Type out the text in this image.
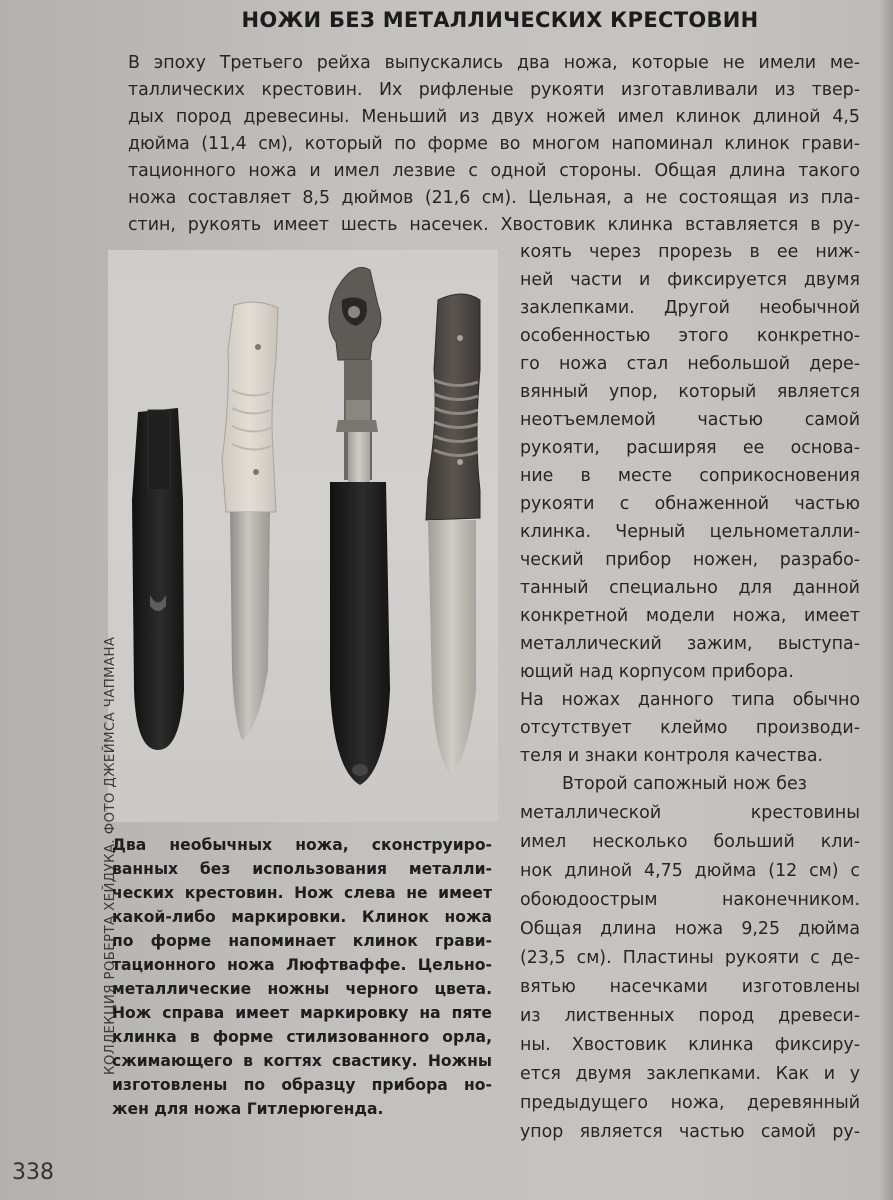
НОЖИ БЕЗ МЕТАЛЛИЧЕСКИХ КРЕСТОВИН

В эпоху Третьего рейха выпускались два ножа, которые не имели ме-

таллических крестовин. Их рифленые рукояти изготавливали из твер-

дых пород древесины. Меньший из двух ножей имел клинок длиной 4,5

дюйма (11,4 см), который по форме во многом напоминал клинок грави-

тационного ножа и имел лезвие с одной стороны. Общая длина такого

ножа составляет 8,5 дюймов (21,6 см). Цельная, а не состоящая из пла-

стин, рукоять имеет шесть насечек. Хвостовик клинка вставляется в ру-

КОЛЛЕКЦИЯ РОБЕРТА ХЕЙДУКА. ФОТО ДЖЕЙМСА ЧАПМАНА

коять через прорезь в ее ниж-

ней части и фиксируется двумя

заклепками. Другой необычной

особенностью этого конкретно-

го ножа стал небольшой дере-

вянный упор, который является

неотъемлемой частью самой

рукояти, расширяя ее основа-

ние в месте соприкосновения

рукояти с обнаженной частью

клинка. Черный цельнометалли-

ческий прибор ножен, разрабо-

танный специально для данной

конкретной модели ножа, имеет

металлический зажим, выступа-

ющий над корпусом прибора.

На ножах данного типа обычно

отсутствует клеймо производи-

теля и знаки контроля качества.

Второй сапожный нож без

металлической крестовины

имел несколько больший кли-

нок длиной 4,75 дюйма (12 см) с

обоюдоострым наконечником.

Общая длина ножа 9,25 дюйма

(23,5 см). Пластины рукояти с де-

вятью насечками изготовлены

из лиственных пород древеси-

ны. Хвостовик клинка фиксиру-

ется двумя заклепками. Как и у

предыдущего ножа, деревянный

упор является частью самой ру-

Два необычных ножа, сконструиро-

ванных без использования металли-

ческих крестовин. Нож слева не имеет

какой-либо маркировки. Клинок ножа

по форме напоминает клинок грави-

тационного ножа Люфтваффе. Цельно-

металлические ножны черного цвета.

Нож справа имеет маркировку на пяте

клинка в форме стилизованного орла,

сжимающего в когтях свастику. Ножны

изготовлены по образцу прибора но-

жен для ножа Гитлерюгенда.

338
